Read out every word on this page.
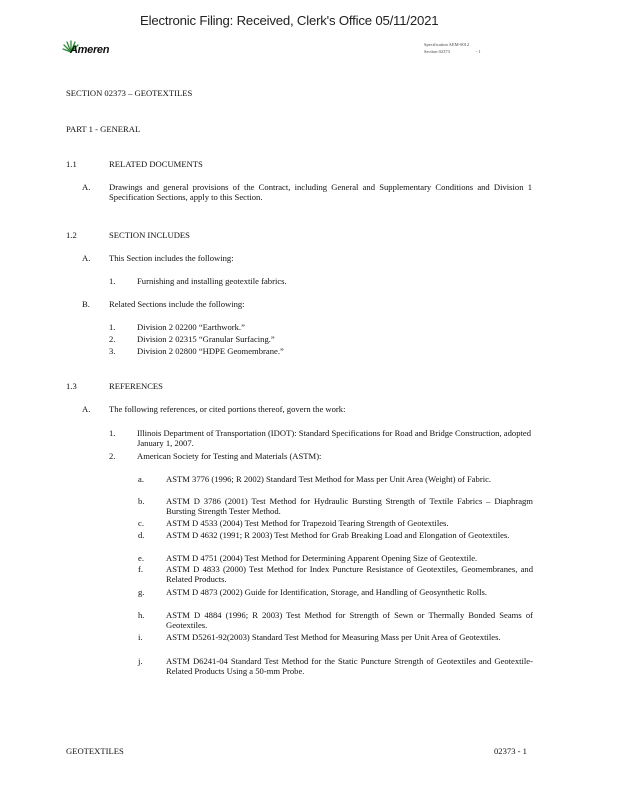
Electronic Filing: Received, Clerk's Office 05/11/2021
Ameren	Specification AEM-0012
Section 02373	- 1
SECTION 02373 – GEOTEXTILES
PART 1 - GENERAL
1.1	RELATED DOCUMENTS
A. Drawings and general provisions of the Contract, including General and Supplementary Conditions and Division 1 Specification Sections, apply to this Section.
1.2	SECTION INCLUDES
A. This Section includes the following:
1.	Furnishing and installing geotextile fabrics.
B. Related Sections include the following:
1.	Division 2 02200 “Earthwork.”
2.	Division 2 02315 “Granular Surfacing.”
3.	Division 2 02800 “HDPE Geomembrane.”
1.3	REFERENCES
A. The following references, or cited portions thereof, govern the work:
1.	Illinois Department of Transportation (IDOT): Standard Specifications for Road and Bridge Construction, adopted January 1, 2007.
2.	American Society for Testing and Materials (ASTM):
a.	ASTM 3776 (1996; R 2002) Standard Test Method for Mass per Unit Area (Weight) of Fabric.
b.	ASTM D 3786 (2001) Test Method for Hydraulic Bursting Strength of Textile Fabrics – Diaphragm Bursting Strength Tester Method.
c.	ASTM D 4533 (2004) Test Method for Trapezoid Tearing Strength of Geotextiles.
d.	ASTM D 4632 (1991; R 2003) Test Method for Grab Breaking Load and Elongation of Geotextiles.
e.	ASTM D 4751 (2004) Test Method for Determining Apparent Opening Size of Geotextile.
f.	ASTM D 4833 (2000) Test Method for Index Puncture Resistance of Geotextiles, Geomembranes, and Related Products.
g.	ASTM D 4873 (2002) Guide for Identification, Storage, and Handling of Geosynthetic Rolls.
h.	ASTM D 4884 (1996; R 2003) Test Method for Strength of Sewn or Thermally Bonded Seams of Geotextiles.
i.	ASTM D5261-92(2003) Standard Test Method for Measuring Mass per Unit Area of Geotextiles.
j.	ASTM D6241-04 Standard Test Method for the Static Puncture Strength of Geotextiles and Geotextile-Related Products Using a 50-mm Probe.
GEOTEXTILES	02373 - 1
